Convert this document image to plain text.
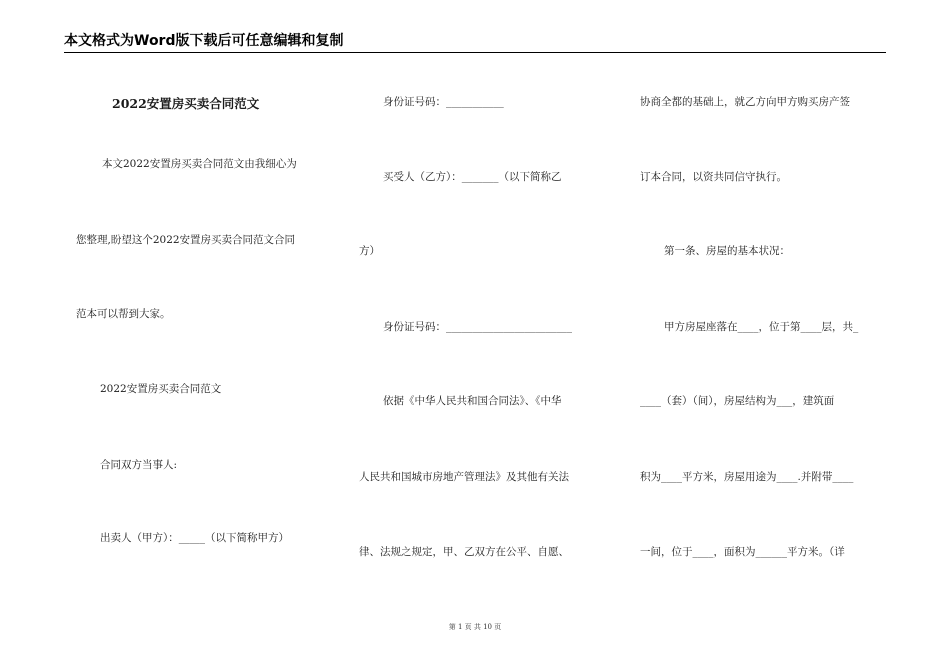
本文格式为Word版下载后可任意编辑和复制
2022安置房买卖合同范文
本文2022安置房买卖合同范文由我细心为
您整理,盼望这个2022安置房买卖合同范文合同
范本可以帮到大家。
2022安置房买卖合同范文
合同双方当事人:
出卖人（甲方）：_____（以下简称甲方）
身份证号码：___________
买受人（乙方）：_______（以下简称乙
方）
身份证号码：________________________
依据《中华人民共和国合同法》、《中华
人民共和国城市房地产管理法》及其他有关法
律、法规之规定，甲、乙双方在公平、自愿、
协商全都的基础上，就乙方向甲方购买房产签
订本合同，以资共同信守执行。
第一条、房屋的基本状况：
甲方房屋座落在____，位于第____层，共_
____（套）（间），房屋结构为___，建筑面
积为____平方米，房屋用途为____.并附带____
一间，位于____，面积为______平方米。（详
第 1 页 共 10 页
